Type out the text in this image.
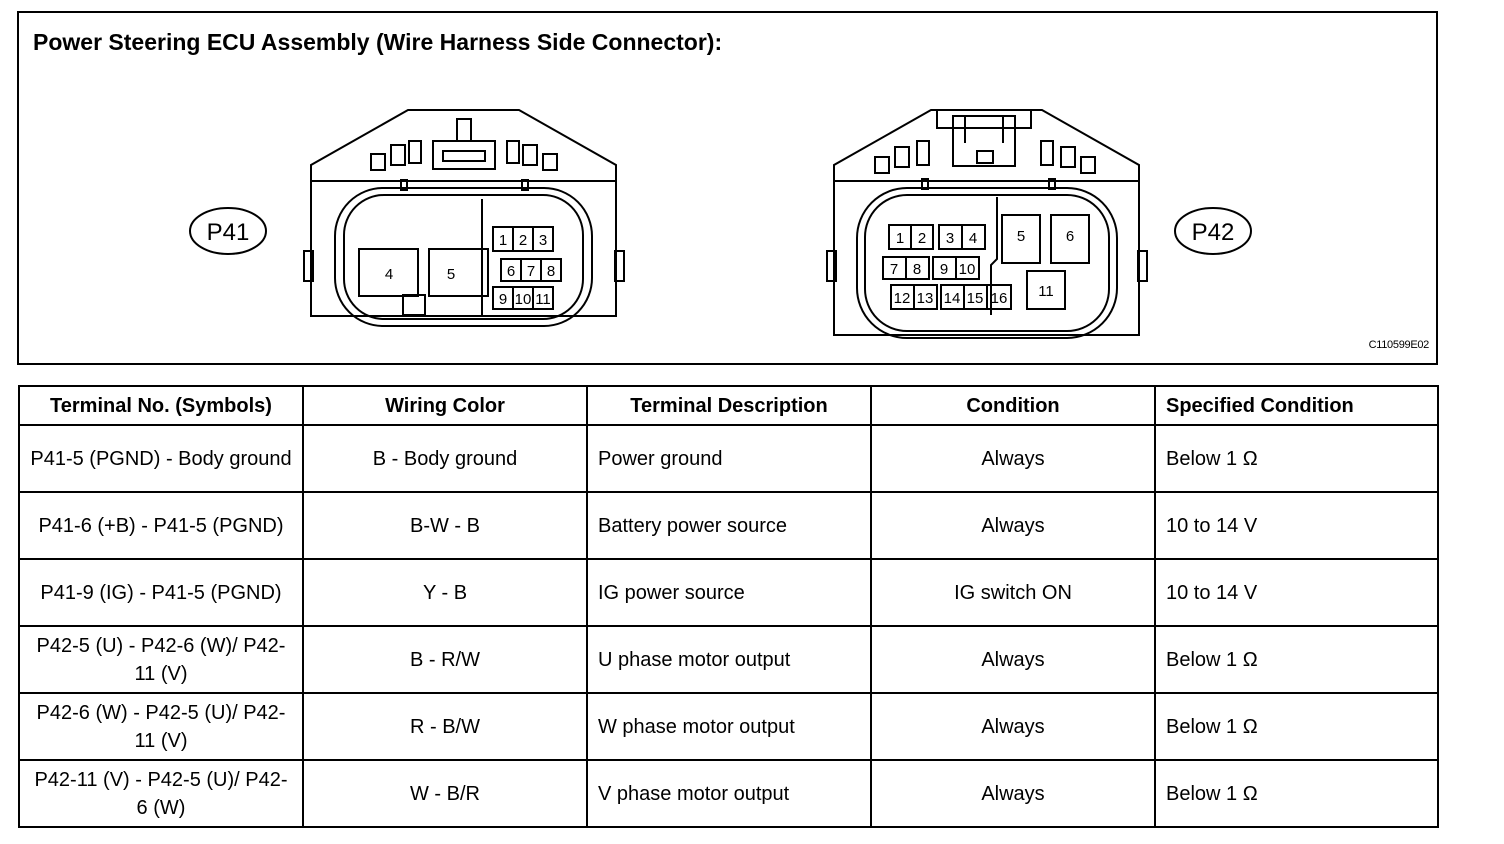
Power Steering ECU Assembly (Wire Harness Side Connector):
P41
4	5
1 2 3
6 7 8
9 10 11
1 2 3 4	5	6
7 8 9 10
11
12 13 14 15 16
P42
C110599E02
Terminal No. (Symbols)	Wiring Color	Terminal Description	Condition	Specified Condition
P41-5 (PGND) - Body ground	B - Body ground	Power ground	Always	Below 1 Ω
P41-6 (+B) - P41-5 (PGND)	B-W - B	Battery power source	Always	10 to 14 V
P41-9 (IG) - P41-5 (PGND)	Y - B	IG power source	IG switch ON	10 to 14 V
P42-5 (U) - P42-6 (W)/ P42-11 (V)	B - R/W	U phase motor output	Always	Below 1 Ω
P42-6 (W) - P42-5 (U)/ P42-11 (V)	R - B/W	W phase motor output	Always	Below 1 Ω
P42-11 (V) - P42-5 (U)/ P42-6 (W)	W - B/R	V phase motor output	Always	Below 1 Ω
